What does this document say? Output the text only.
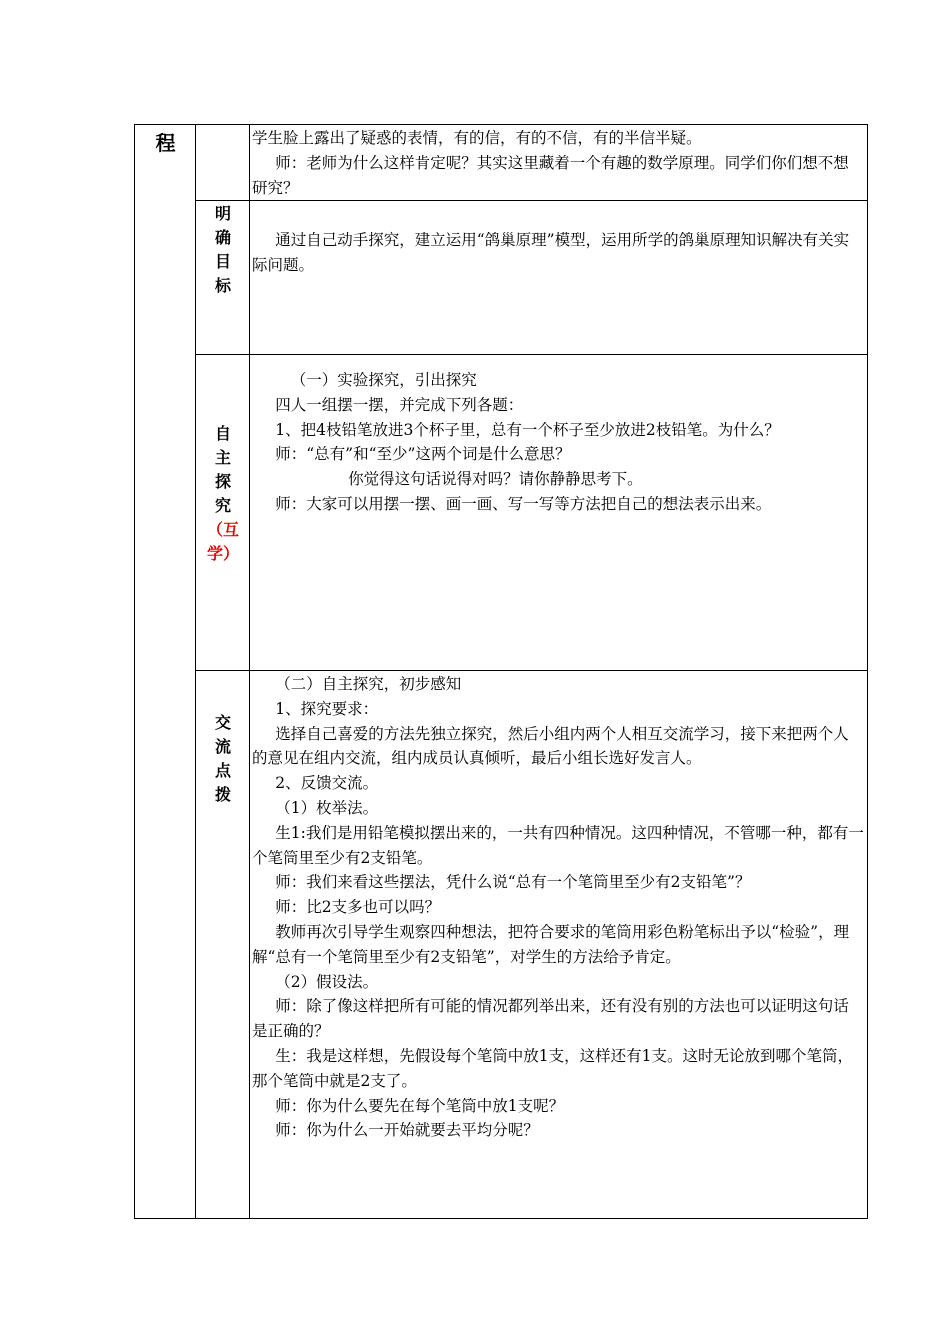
程	学生脸上露出了疑惑的表情，有的信，有的不信，有的半信半疑。

师：老师为什么这样肯定呢？其实这里藏着一个有趣的数学原理。同学们你们想不想研究？

明
确
目
标

通过自己动手探究，建立运用“鸽巢原理”模型，运用所学的鸽巢原理知识解决有关实际问题。

自
主
探
究
（互
学）

（一）实验探究，引出探究

四人一组摆一摆，并完成下列各题：

1、把4枝铅笔放进3个杯子里，总有一个杯子至少放进2枝铅笔。为什么？

师：“总有”和“至少”这两个词是什么意思？

你觉得这句话说得对吗？请你静静思考下。

师：大家可以用摆一摆、画一画、写一写等方法把自己的想法表示出来。

交
流
点
拨

（二）自主探究，初步感知

1、探究要求：

选择自己喜爱的方法先独立探究，然后小组内两个人相互交流学习，接下来把两个人的意见在组内交流，组内成员认真倾听，最后小组长选好发言人。

2、反馈交流。

（1）枚举法。

生1:我们是用铅笔模拟摆出来的，一共有四种情况。这四种情况，不管哪一种，都有一个笔筒里至少有2支铅笔。

师：我们来看这些摆法，凭什么说“总有一个笔筒里至少有2支铅笔”？

师：比2支多也可以吗？

教师再次引导学生观察四种想法，把符合要求的笔筒用彩色粉笔标出予以“检验”，理解“总有一个笔筒里至少有2支铅笔”，对学生的方法给予肯定。

（2）假设法。

师：除了像这样把所有可能的情况都列举出来，还有没有别的方法也可以证明这句话是正确的？

生：我是这样想，先假设每个笔筒中放1支，这样还有1支。这时无论放到哪个笔筒，那个笔筒中就是2支了。

师：你为什么要先在每个笔筒中放1支呢？

师：你为什么一开始就要去平均分呢？
